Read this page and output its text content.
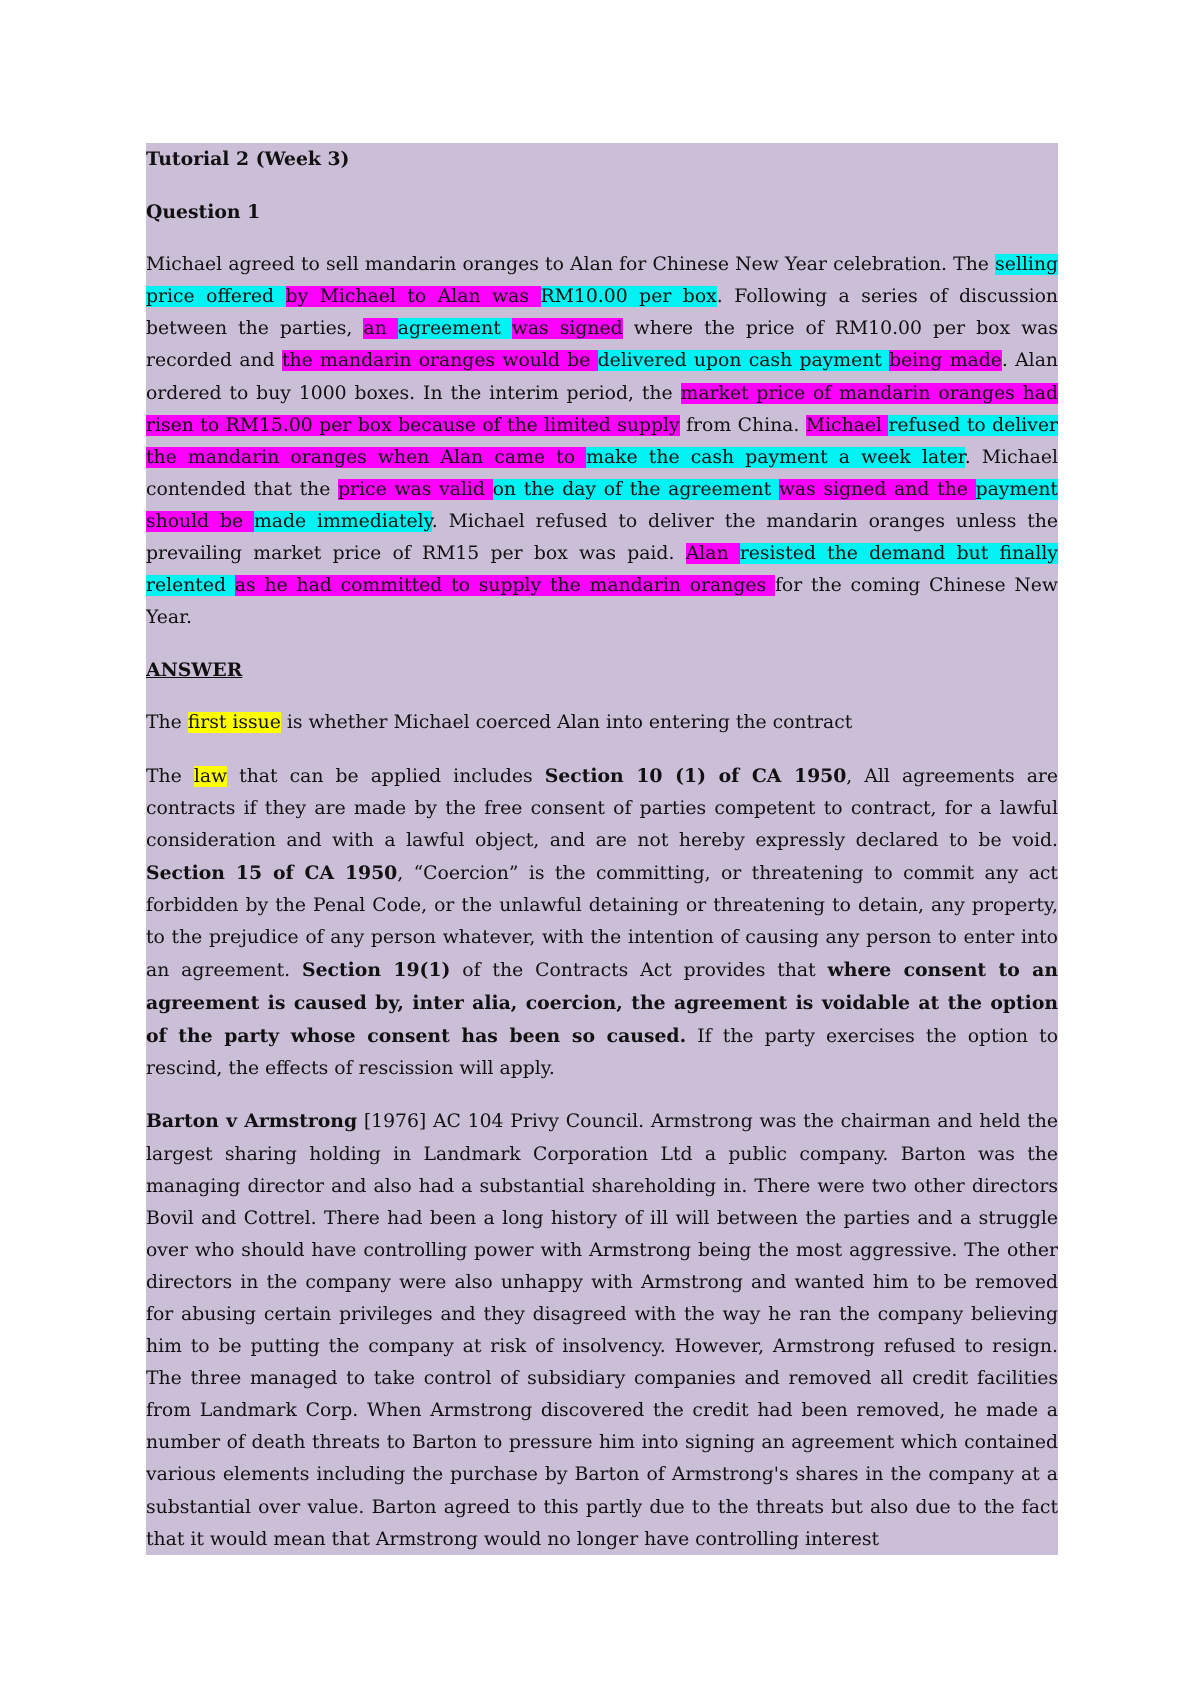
Tutorial 2 (Week 3)

Question 1

Michael agreed to sell mandarin oranges to Alan for Chinese New Year celebration. The selling price offered by Michael to Alan was RM10.00 per box. Following a series of discussion between the parties, an agreement was signed where the price of RM10.00 per box was recorded and the mandarin oranges would be delivered upon cash payment being made. Alan ordered to buy 1000 boxes. In the interim period, the market price of mandarin oranges had risen to RM15.00 per box because of the limited supply from China. Michael refused to deliver the mandarin oranges when Alan came to make the cash payment a week later. Michael contended that the price was valid on the day of the agreement was signed and the payment should be made immediately. Michael refused to deliver the mandarin oranges unless the prevailing market price of RM15 per box was paid. Alan resisted the demand but finally relented as he had committed to supply the mandarin oranges for the coming Chinese New Year.

ANSWER

The first issue is whether Michael coerced Alan into entering the contract

The law that can be applied includes Section 10 (1) of CA 1950, All agreements are contracts if they are made by the free consent of parties competent to contract, for a lawful consideration and with a lawful object, and are not hereby expressly declared to be void. Section 15 of CA 1950, “Coercion” is the committing, or threatening to commit any act forbidden by the Penal Code, or the unlawful detaining or threatening to detain, any property, to the prejudice of any person whatever, with the intention of causing any person to enter into an agreement. Section 19(1) of the Contracts Act provides that where consent to an agreement is caused by, inter alia, coercion, the agreement is voidable at the option of the party whose consent has been so caused. If the party exercises the option to rescind, the effects of rescission will apply.

Barton v Armstrong [1976] AC 104 Privy Council. Armstrong was the chairman and held the largest sharing holding in Landmark Corporation Ltd a public company. Barton was the managing director and also had a substantial shareholding in. There were two other directors Bovil and Cottrel. There had been a long history of ill will between the parties and a struggle over who should have controlling power with Armstrong being the most aggressive. The other directors in the company were also unhappy with Armstrong and wanted him to be removed for abusing certain privileges and they disagreed with the way he ran the company believing him to be putting the company at risk of insolvency. However, Armstrong refused to resign. The three managed to take control of subsidiary companies and removed all credit facilities from Landmark Corp. When Armstrong discovered the credit had been removed, he made a number of death threats to Barton to pressure him into signing an agreement which contained various elements including the purchase by Barton of Armstrong's shares in the company at a substantial over value. Barton agreed to this partly due to the threats but also due to the fact that it would mean that Armstrong would no longer have controlling interest
